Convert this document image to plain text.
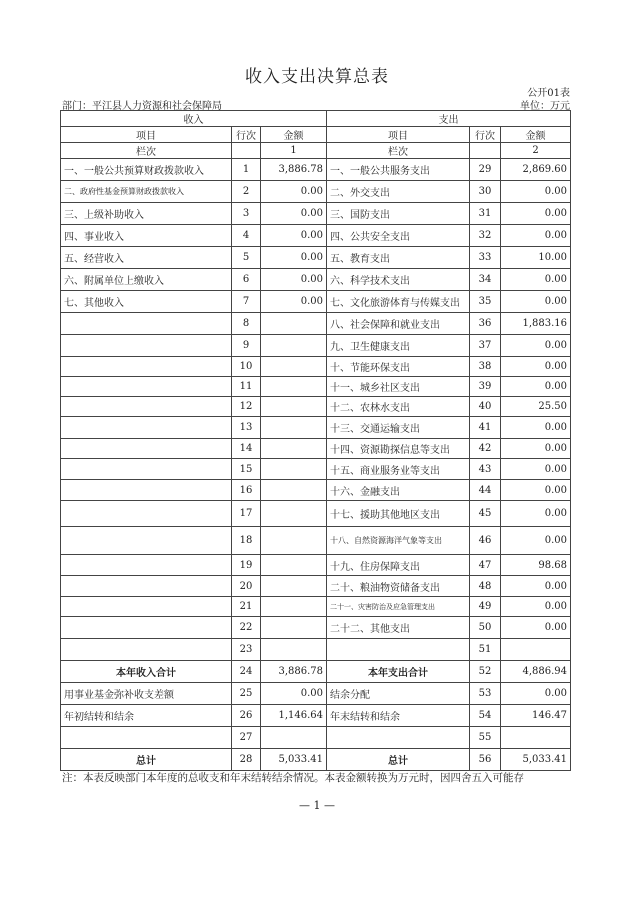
收入支出决算总表
公开01表
部门：平江县人力资源和社会保障局	单位：万元
收入			支出		
项目	行次	金额	项目	行次	金额
栏次		1	栏次		2
一、一般公共预算财政拨款收入	1	3,886.78	一、一般公共服务支出	29	2,869.60
二、政府性基金预算财政拨款收入	2	0.00	二、外交支出	30	0.00
三、上级补助收入	3	0.00	三、国防支出	31	0.00
四、事业收入	4	0.00	四、公共安全支出	32	0.00
五、经营收入	5	0.00	五、教育支出	33	10.00
六、附属单位上缴收入	6	0.00	六、科学技术支出	34	0.00
七、其他收入	7	0.00	七、文化旅游体育与传媒支出	35	0.00
	8		八、社会保障和就业支出	36	1,883.16
	9		九、卫生健康支出	37	0.00
	10		十、节能环保支出	38	0.00
	11		十一、城乡社区支出	39	0.00
	12		十二、农林水支出	40	25.50
	13		十三、交通运输支出	41	0.00
	14		十四、资源勘探信息等支出	42	0.00
	15		十五、商业服务业等支出	43	0.00
	16		十六、金融支出	44	0.00
	17		十七、援助其他地区支出	45	0.00
	18		十八、自然资源海洋气象等支出	46	0.00
	19		十九、住房保障支出	47	98.68
	20		二十、粮油物资储备支出	48	0.00
	21		二十一、灾害防治及应急管理支出	49	0.00
	22		二十二、其他支出	50	0.00
	23			51	
本年收入合计	24	3,886.78	本年支出合计	52	4,886.94
用事业基金弥补收支差额	25	0.00	结余分配	53	0.00
年初结转和结余	26	1,146.64	年末结转和结余	54	146.47
	27			55	
总计	28	5,033.41	总计	56	5,033.41
注：本表反映部门本年度的总收支和年末结转结余情况。本表金额转换为万元时，因四舍五入可能存
— 1 —
